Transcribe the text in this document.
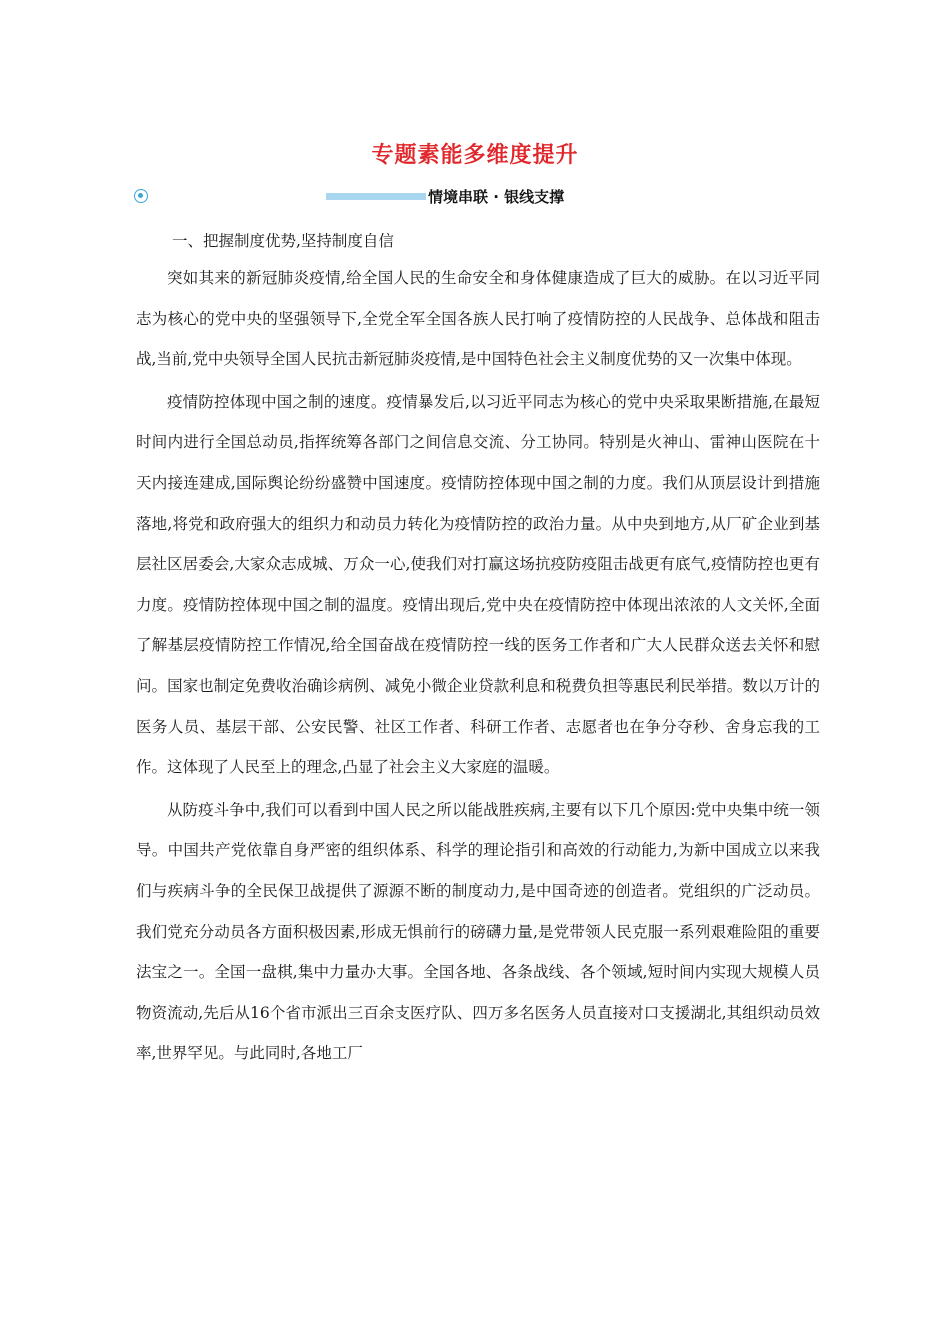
专题素能多维度提升
情境串联 · 银线支撑
一、把握制度优势,坚持制度自信

突如其来的新冠肺炎疫情,给全国人民的生命安全和身体健康造成了巨大的威胁。在以习近平同志为核心的党中央的坚强领导下,全党全军全国各族人民打响了疫情防控的人民战争、总体战和阻击战,当前,党中央领导全国人民抗击新冠肺炎疫情,是中国特色社会主义制度优势的又一次集中体现。

疫情防控体现中国之制的速度。疫情暴发后,以习近平同志为核心的党中央采取果断措施,在最短时间内进行全国总动员,指挥统筹各部门之间信息交流、分工协同。特别是火神山、雷神山医院在十天内接连建成,国际舆论纷纷盛赞中国速度。疫情防控体现中国之制的力度。我们从顶层设计到措施落地,将党和政府强大的组织力和动员力转化为疫情防控的政治力量。从中央到地方,从厂矿企业到基层社区居委会,大家众志成城、万众一心,使我们对打赢这场抗疫防疫阻击战更有底气,疫情防控也更有力度。疫情防控体现中国之制的温度。疫情出现后,党中央在疫情防控中体现出浓浓的人文关怀,全面了解基层疫情防控工作情况,给全国奋战在疫情防控一线的医务工作者和广大人民群众送去关怀和慰问。国家也制定免费收治确诊病例、减免小微企业贷款利息和税费负担等惠民利民举措。数以万计的医务人员、基层干部、公安民警、社区工作者、科研工作者、志愿者也在争分夺秒、舍身忘我的工作。这体现了人民至上的理念,凸显了社会主义大家庭的温暖。

从防疫斗争中,我们可以看到中国人民之所以能战胜疾病,主要有以下几个原因:党中央集中统一领导。中国共产党依靠自身严密的组织体系、科学的理论指引和高效的行动能力,为新中国成立以来我们与疾病斗争的全民保卫战提供了源源不断的制度动力,是中国奇迹的创造者。党组织的广泛动员。我们党充分动员各方面积极因素,形成无惧前行的磅礴力量,是党带领人民克服一系列艰难险阻的重要法宝之一。全国一盘棋,集中力量办大事。全国各地、各条战线、各个领域,短时间内实现大规模人员物资流动,先后从16个省市派出三百余支医疗队、四万多名医务人员直接对口支援湖北,其组织动员效率,世界罕见。与此同时,各地工厂
